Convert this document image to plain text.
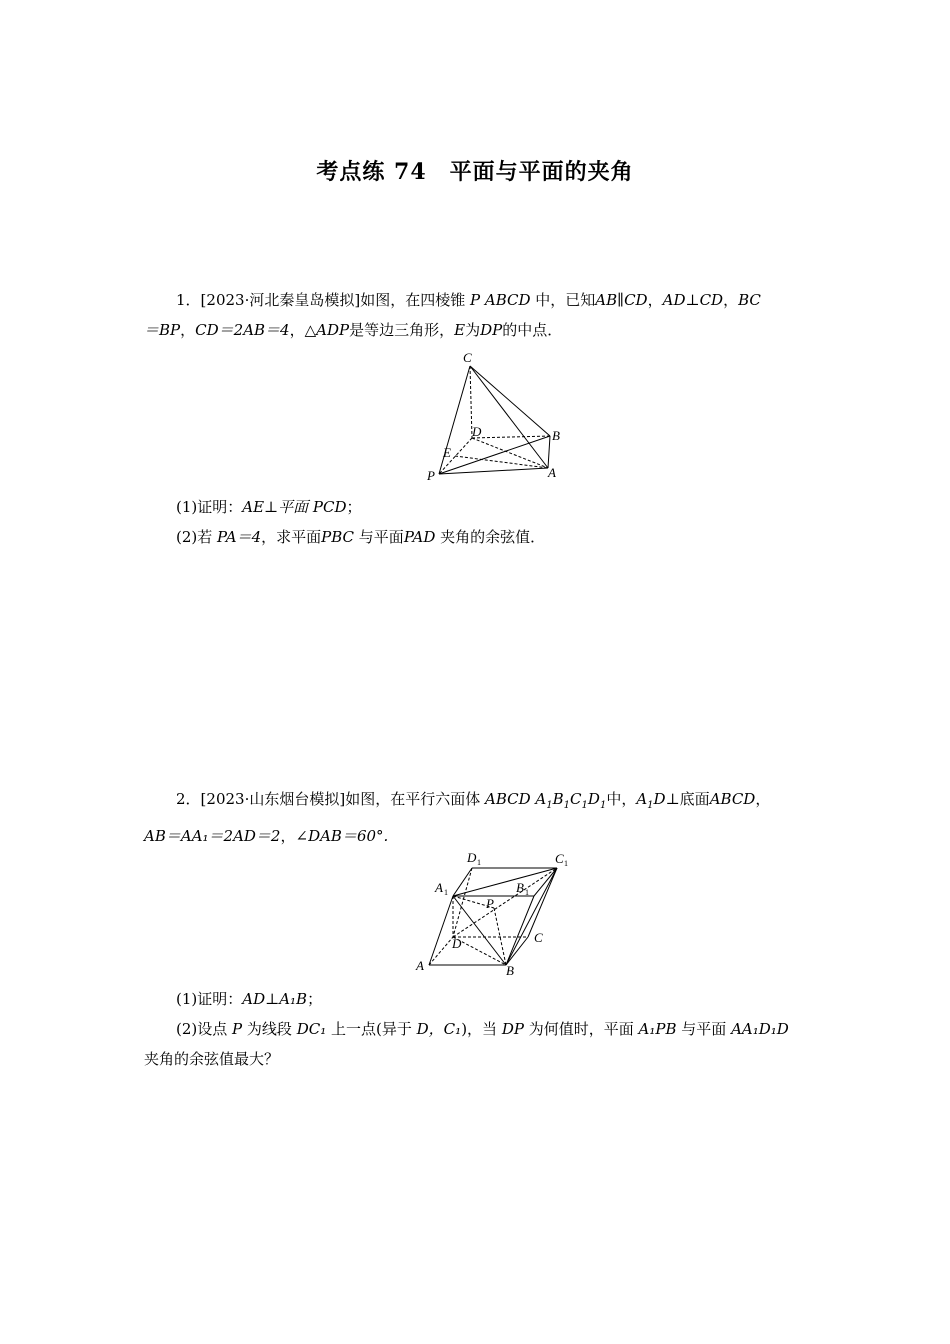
考点练 74　平面与平面的夹角
1．[2023·河北秦皇岛模拟]如图，在四棱锥 P ABCD 中，已知AB∥CD，AD⊥CD，BC
＝BP，CD＝2AB＝4，△ADP是等边三角形，E为DP的中点．
C
D	B
E
P	A
(1)证明：AE⊥平面 PCD；
(2)若 PA＝4，求平面PBC 与平面PAD 夹角的余弦值．
2．[2023·山东烟台模拟]如图，在平行六面体 ABCD $A_1B_1C_1D_1$中，$A_1D\perp$底面ABCD，
AB＝AA₁＝2AD＝2，∠DAB＝60°.
D 1	C 1
A 1	B 1
P
D	C
A	B
(1)证明：AD⊥A₁B；
(2)设点 P 为线段 DC₁ 上一点(异于 D，C₁)，当 DP 为何值时，平面 A₁PB 与平面 AA₁D₁D
夹角的余弦值最大？
